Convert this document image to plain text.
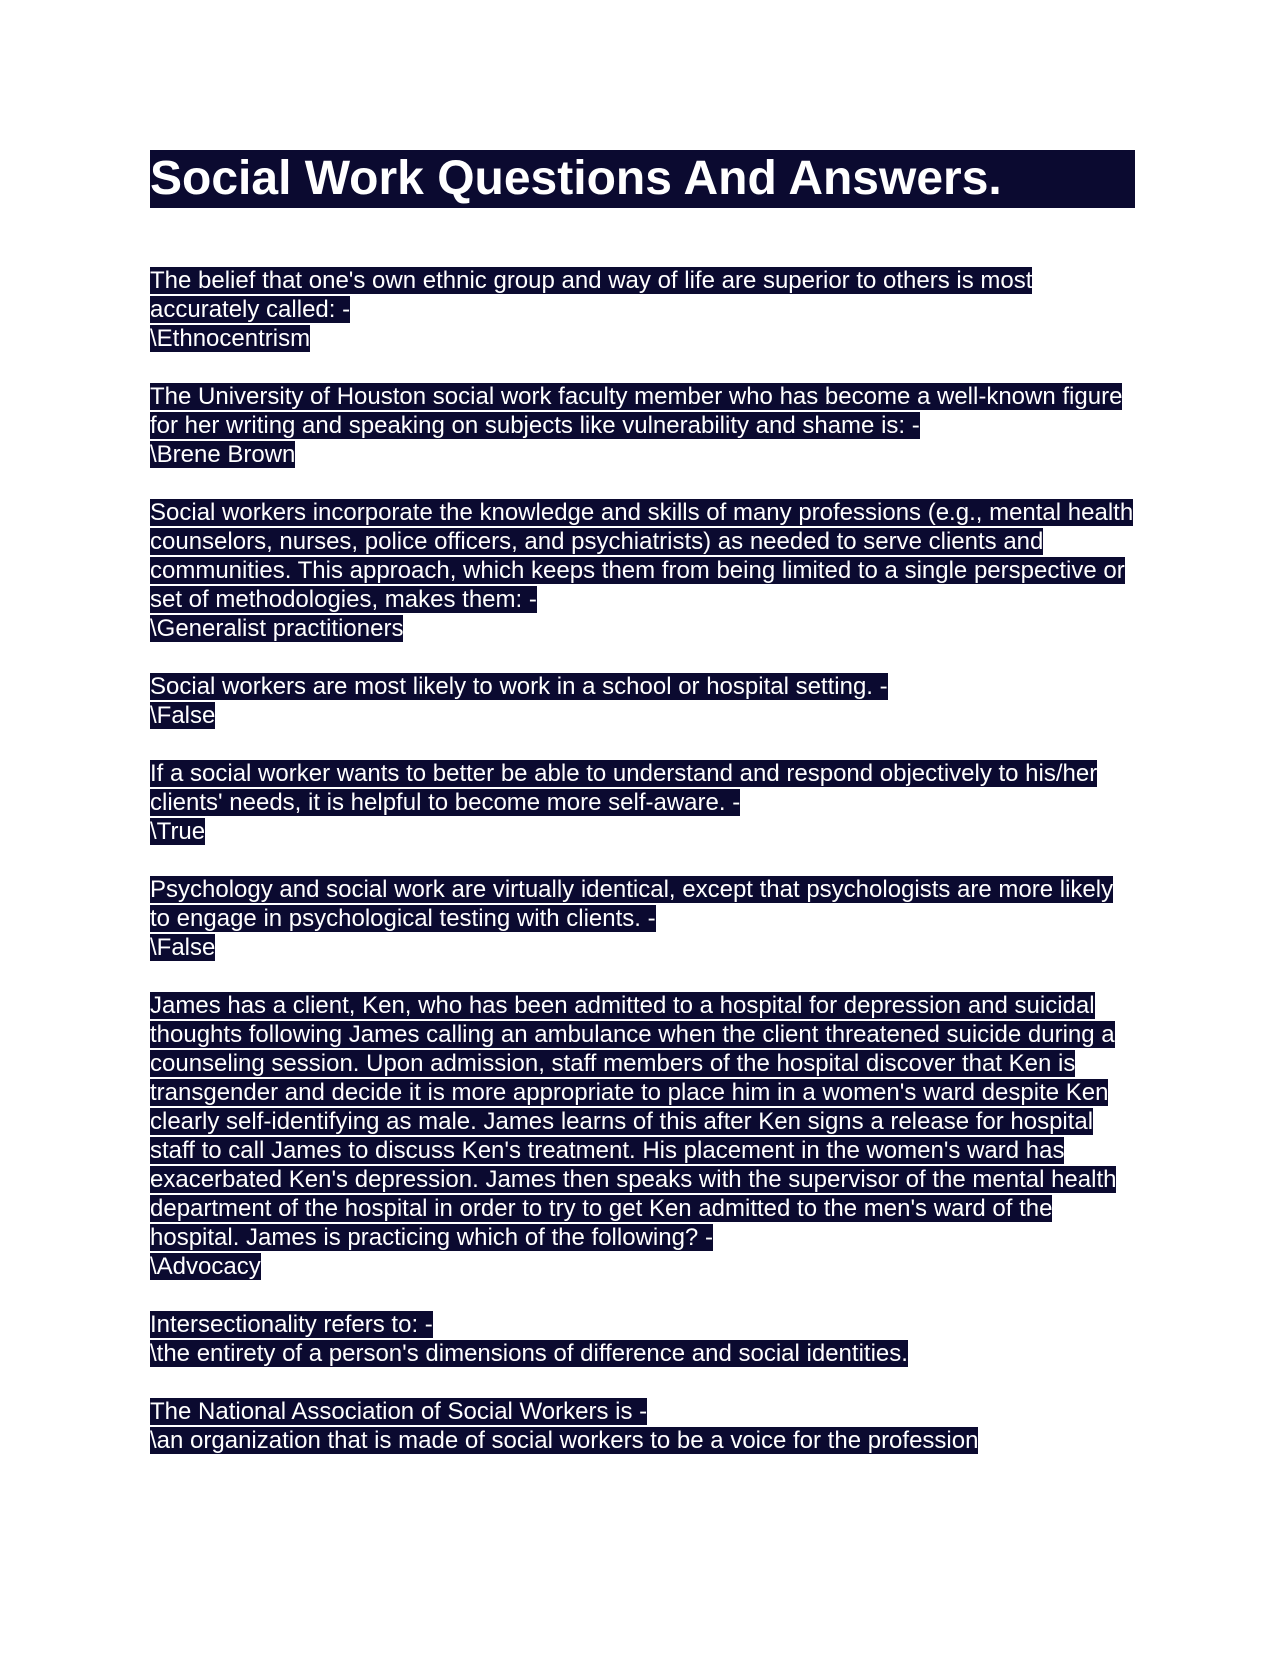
Social Work Questions And Answers.

The belief that one's own ethnic group and way of life are superior to others is most accurately called: -

\Ethnocentrism

The University of Houston social work faculty member who has become a well-known figure for her writing and speaking on subjects like vulnerability and shame is: -

\Brene Brown

Social workers incorporate the knowledge and skills of many professions (e.g., mental health counselors, nurses, police officers, and psychiatrists) as needed to serve clients and communities. This approach, which keeps them from being limited to a single perspective or set of methodologies, makes them: -

\Generalist practitioners

Social workers are most likely to work in a school or hospital setting. -

\False

If a social worker wants to better be able to understand and respond objectively to his/her clients' needs, it is helpful to become more self-aware. -

\True

Psychology and social work are virtually identical, except that psychologists are more likely to engage in psychological testing with clients. -

\False

James has a client, Ken, who has been admitted to a hospital for depression and suicidal thoughts following James calling an ambulance when the client threatened suicide during a counseling session. Upon admission, staff members of the hospital discover that Ken is transgender and decide it is more appropriate to place him in a women's ward despite Ken clearly self-identifying as male. James learns of this after Ken signs a release for hospital staff to call James to discuss Ken's treatment. His placement in the women's ward has exacerbated Ken's depression. James then speaks with the supervisor of the mental health department of the hospital in order to try to get Ken admitted to the men's ward of the hospital. James is practicing which of the following? -

\Advocacy

Intersectionality refers to: -

\the entirety of a person's dimensions of difference and social identities.

The National Association of Social Workers is -

\an organization that is made of social workers to be a voice for the profession
